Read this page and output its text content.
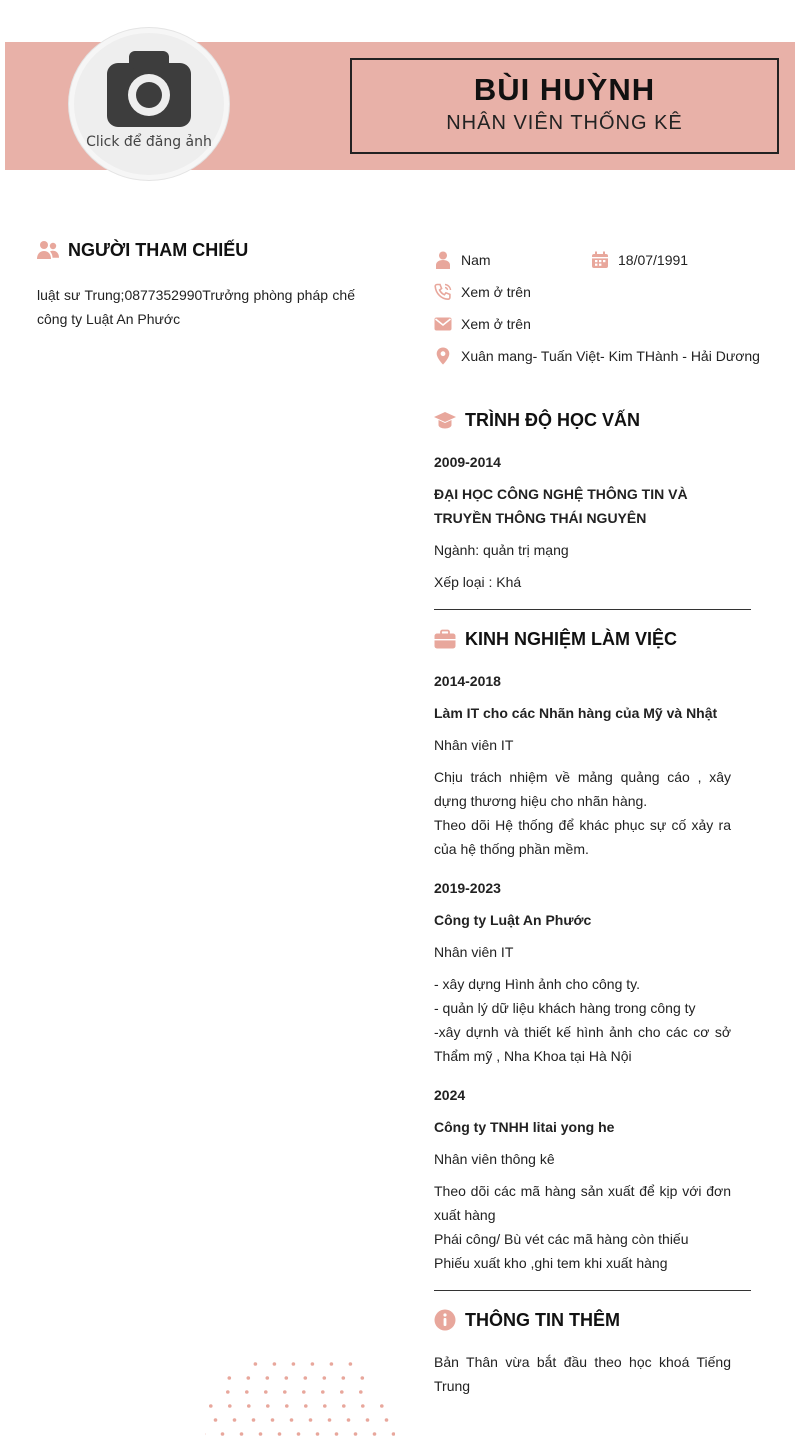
Click để đăng ảnh
BÙI HUỲNH
NHÂN VIÊN THỐNG KÊ
NGƯỜI THAM CHIẾU
luật sư Trung;0877352990Trưởng phòng pháp chế công ty Luật An Phước
Nam	18/07/1991
Xem ở trên
Xem ở trên
Xuân mang- Tuấn Việt- Kim THành - Hải Dương
TRÌNH ĐỘ HỌC VẤN
2009-2014
ĐẠI HỌC CÔNG NGHỆ THÔNG TIN VÀ TRUYỀN THÔNG THÁI NGUYÊN
Ngành: quản trị mạng
Xếp loại : Khá
KINH NGHIỆM LÀM VIỆC
2014-2018
Làm IT cho các Nhãn hàng của Mỹ và Nhật
Nhân viên IT
Chịu trách nhiệm về mảng quảng cáo , xây dựng thương hiệu cho nhãn hàng.
Theo dõi Hệ thống để khác phục sự cố xảy ra của hệ thống phần mềm.
2019-2023
Công ty Luật An Phước
Nhân viên IT
- xây dựng Hình ảnh cho công ty.
- quản lý dữ liệu khách hàng trong công ty
-xây dựnh và thiết kế hình ảnh cho các cơ sở Thẩm mỹ , Nha Khoa tại Hà Nội
2024
Công ty TNHH litai yong he
Nhân viên thông kê
Theo dõi các mã hàng sản xuất để kịp với đơn xuất hàng
Phái công/ Bù vét các mã hàng còn thiếu
Phiếu xuất kho ,ghi tem khi xuất hàng
THÔNG TIN THÊM
Bản Thân vừa bắt đầu theo học khoá Tiếng Trung
